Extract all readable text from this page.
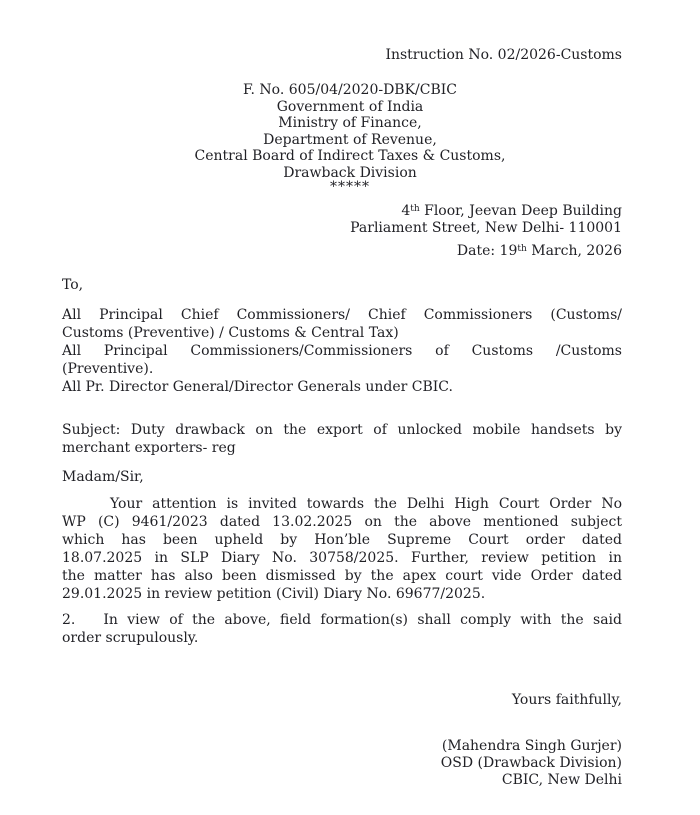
Instruction No. 02/2026-Customs
F. No. 605/04/2020-DBK/CBIC
Government of India
Ministry of Finance,
Department of Revenue,
Central Board of Indirect Taxes & Customs,
Drawback Division
*****
4th Floor, Jeevan Deep Building
Parliament Street, New Delhi- 110001
Date: 19th March, 2026
To,
All Principal Chief Commissioners/ Chief Commissioners (Customs/
Customs (Preventive) / Customs & Central Tax)
All Principal Commissioners/Commissioners of Customs /Customs
(Preventive).
All Pr. Director General/Director Generals under CBIC.
Subject: Duty drawback on the export of unlocked mobile handsets by
merchant exporters- reg
Madam/Sir,
Your attention is invited towards the Delhi High Court Order No
WP (C) 9461/2023 dated 13.02.2025 on the above mentioned subject
which has been upheld by Hon’ble Supreme Court order dated
18.07.2025 in SLP Diary No. 30758/2025. Further, review petition in
the matter has also been dismissed by the apex court vide Order dated
29.01.2025 in review petition (Civil) Diary No. 69677/2025.
2. In view of the above, field formation(s) shall comply with the said
order scrupulously.
Yours faithfully,
(Mahendra Singh Gurjer)
OSD (Drawback Division)
CBIC, New Delhi
